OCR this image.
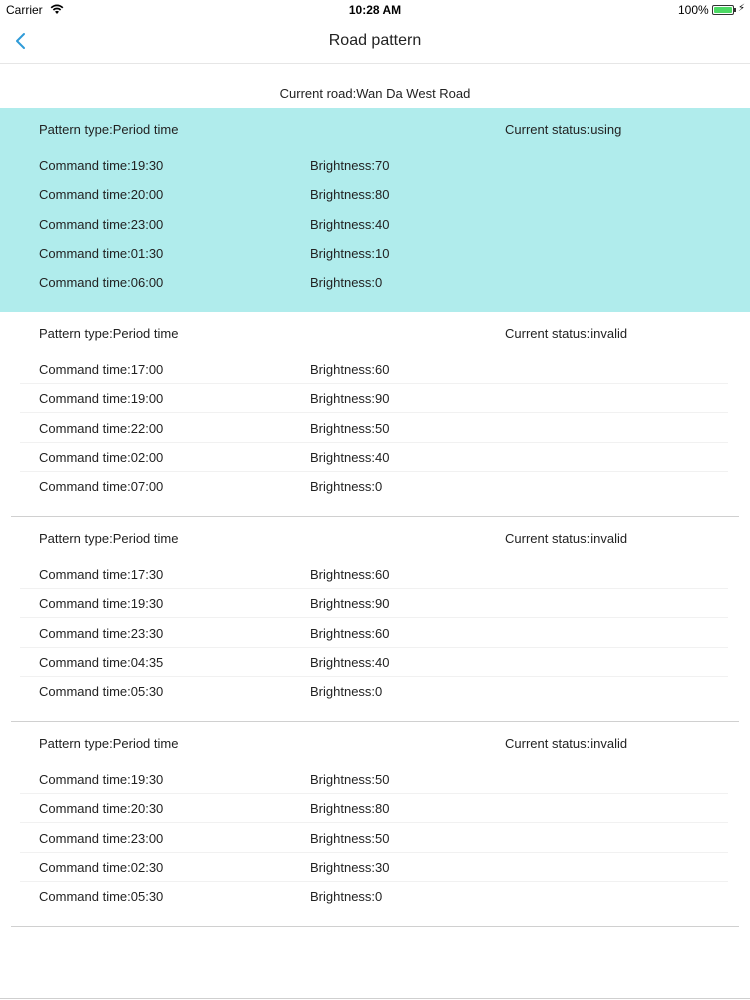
Carrier	10:28 AM	100%	⚡
Road pattern
Current road:Wan Da West Road
Pattern type:Period time	Current status:using
Command time:19:30	Brightness:70
Command time:20:00	Brightness:80
Command time:23:00	Brightness:40
Command time:01:30	Brightness:10
Command time:06:00	Brightness:0
Pattern type:Period time	Current status:invalid
Command time:17:00	Brightness:60
Command time:19:00	Brightness:90
Command time:22:00	Brightness:50
Command time:02:00	Brightness:40
Command time:07:00	Brightness:0
Pattern type:Period time	Current status:invalid
Command time:17:30	Brightness:60
Command time:19:30	Brightness:90
Command time:23:30	Brightness:60
Command time:04:35	Brightness:40
Command time:05:30	Brightness:0
Pattern type:Period time	Current status:invalid
Command time:19:30	Brightness:50
Command time:20:30	Brightness:80
Command time:23:00	Brightness:50
Command time:02:30	Brightness:30
Command time:05:30	Brightness:0
